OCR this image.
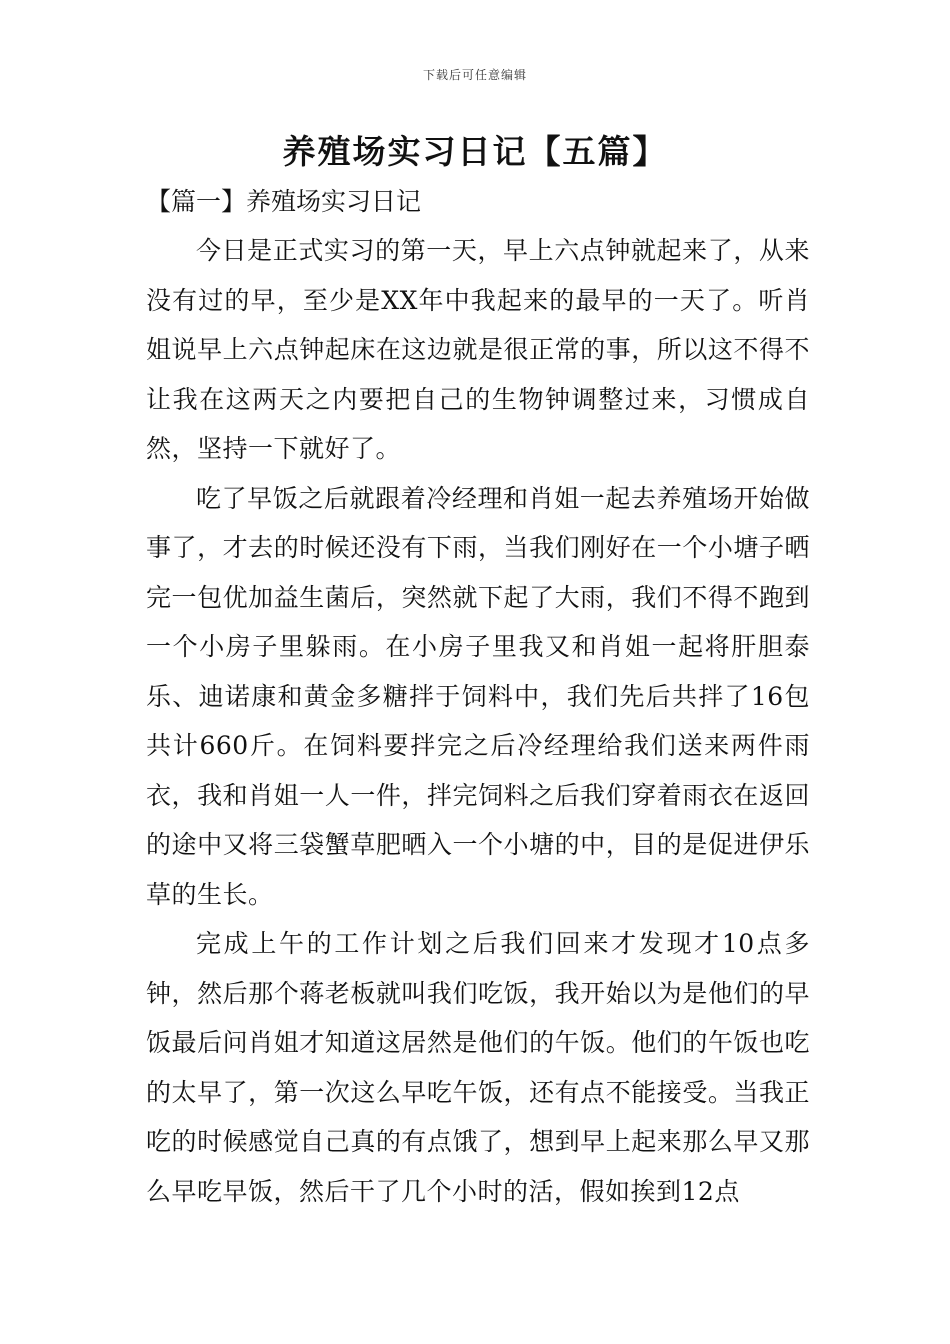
下载后可任意编辑
养殖场实习日记【五篇】
【篇一】养殖场实习日记

今日是正式实习的第一天，早上六点钟就起来了，从来没有过的早，至少是XX年中我起来的最早的一天了。听肖姐说早上六点钟起床在这边就是很正常的事，所以这不得不让我在这两天之内要把自己的生物钟调整过来，习惯成自然，坚持一下就好了。

吃了早饭之后就跟着冷经理和肖姐一起去养殖场开始做事了，才去的时候还没有下雨，当我们刚好在一个小塘子晒完一包优加益生菌后，突然就下起了大雨，我们不得不跑到一个小房子里躲雨。在小房子里我又和肖姐一起将肝胆泰乐、迪诺康和黄金多糖拌于饲料中，我们先后共拌了16包共计660斤。在饲料要拌完之后冷经理给我们送来两件雨衣，我和肖姐一人一件，拌完饲料之后我们穿着雨衣在返回的途中又将三袋蟹草肥晒入一个小塘的中，目的是促进伊乐草的生长。

完成上午的工作计划之后我们回来才发现才10点多钟，然后那个蒋老板就叫我们吃饭，我开始以为是他们的早饭最后问肖姐才知道这居然是他们的午饭。他们的午饭也吃的太早了，第一次这么早吃午饭，还有点不能接受。当我正吃的时候感觉自己真的有点饿了，想到早上起来那么早又那么早吃早饭，然后干了几个小时的活，假如挨到12点
